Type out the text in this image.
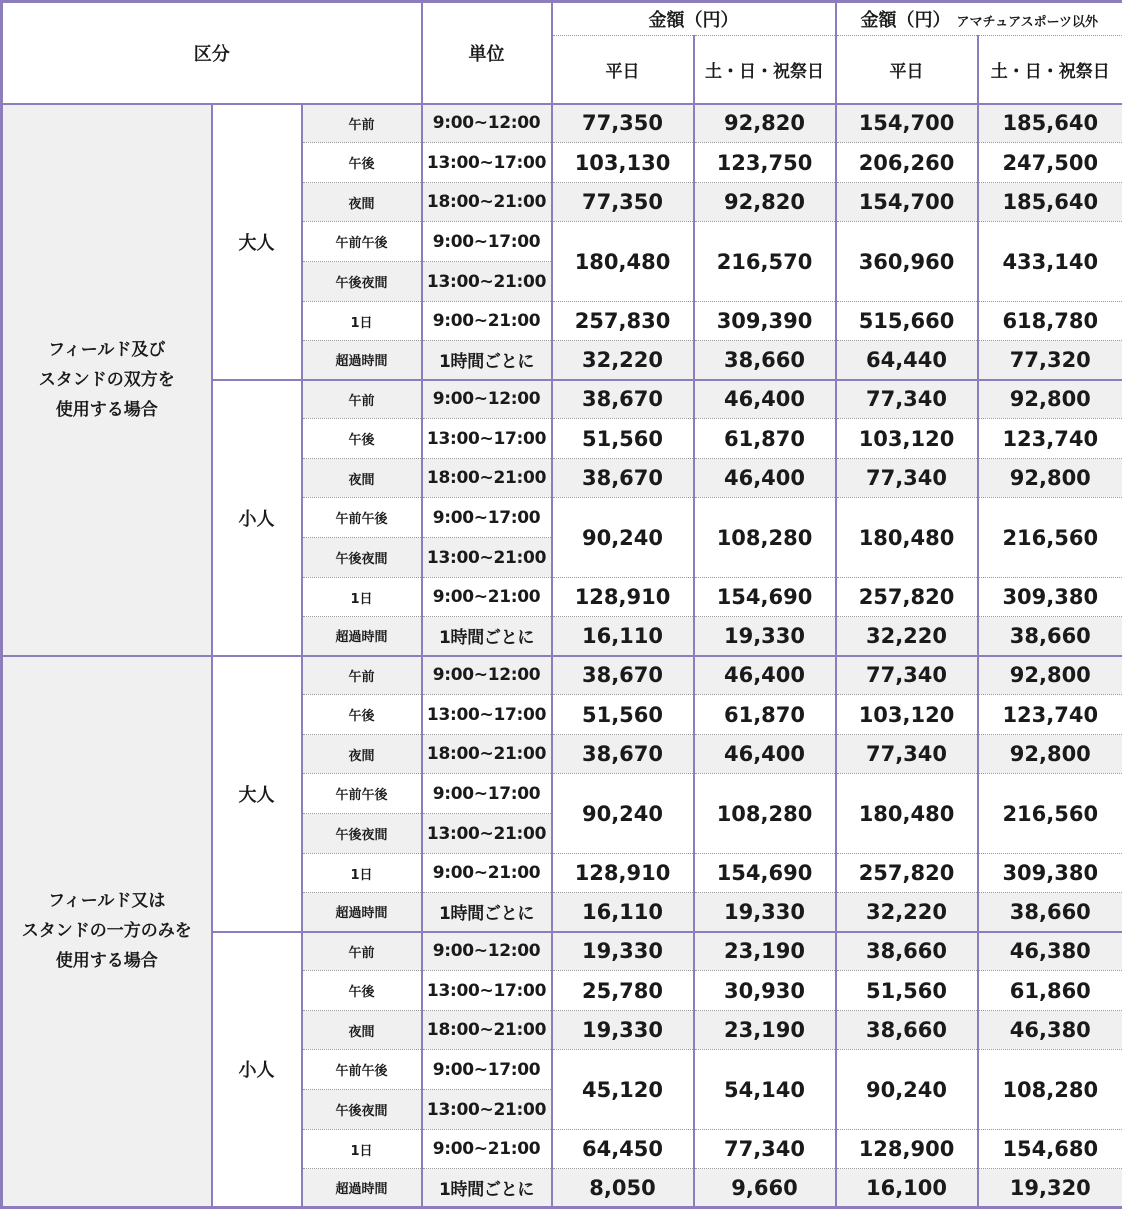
区分			単位	金額（円）		金額（円） アマチュアスポーツ以外	
				平日	土・日・祝祭日	平日	土・日・祝祭日

フィールド及び
スタンドの双方を
使用する場合	大人	午前	9:00~12:00	77,350	92,820	154,700	185,640
		午後	13:00~17:00	103,130	123,750	206,260	247,500
		夜間	18:00~21:00	77,350	92,820	154,700	185,640
		午前午後	9:00~17:00	180,480	216,570	360,960	433,140
		午後夜間	13:00~21:00				
		1日	9:00~21:00	257,830	309,390	515,660	618,780
		超過時間	1時間ごとに	32,220	38,660	64,440	77,320
	小人	午前	9:00~12:00	38,670	46,400	77,340	92,800
		午後	13:00~17:00	51,560	61,870	103,120	123,740
		夜間	18:00~21:00	38,670	46,400	77,340	92,800
		午前午後	9:00~17:00	90,240	108,280	180,480	216,560
		午後夜間	13:00~21:00				
		1日	9:00~21:00	128,910	154,690	257,820	309,380
		超過時間	1時間ごとに	16,110	19,330	32,220	38,660

フィールド又は
スタンドの一方のみを
使用する場合	大人	午前	9:00~12:00	38,670	46,400	77,340	92,800
		午後	13:00~17:00	51,560	61,870	103,120	123,740
		夜間	18:00~21:00	38,670	46,400	77,340	92,800
		午前午後	9:00~17:00	90,240	108,280	180,480	216,560
		午後夜間	13:00~21:00				
		1日	9:00~21:00	128,910	154,690	257,820	309,380
		超過時間	1時間ごとに	16,110	19,330	32,220	38,660
	小人	午前	9:00~12:00	19,330	23,190	38,660	46,380
		午後	13:00~17:00	25,780	30,930	51,560	61,860
		夜間	18:00~21:00	19,330	23,190	38,660	46,380
		午前午後	9:00~17:00	45,120	54,140	90,240	108,280
		午後夜間	13:00~21:00				
		1日	9:00~21:00	64,450	77,340	128,900	154,680
		超過時間	1時間ごとに	8,050	9,660	16,100	19,320
